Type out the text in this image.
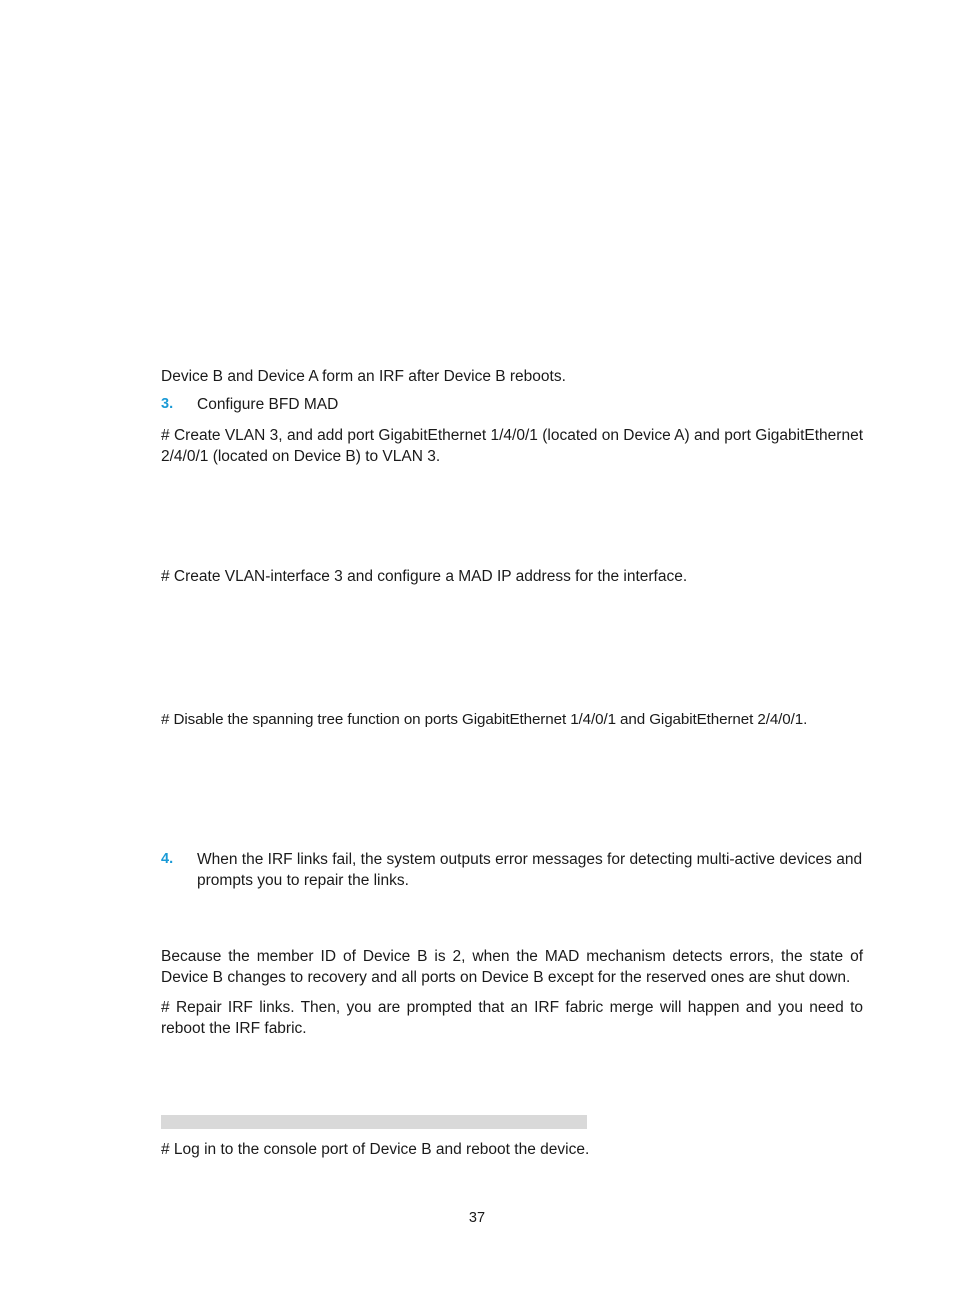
Device B and Device A form an IRF after Device B reboots.

3. Configure BFD MAD

# Create VLAN 3, and add port GigabitEthernet 1/4/0/1 (located on Device A) and port GigabitEthernet 2/4/0/1 (located on Device B) to VLAN 3.

# Create VLAN-interface 3 and configure a MAD IP address for the interface.

# Disable the spanning tree function on ports GigabitEthernet 1/4/0/1 and GigabitEthernet 2/4/0/1.

4. When the IRF links fail, the system outputs error messages for detecting multi-active devices and prompts you to repair the links.

Because the member ID of Device B is 2, when the MAD mechanism detects errors, the state of Device B changes to recovery and all ports on Device B except for the reserved ones are shut down.

# Repair IRF links. Then, you are prompted that an IRF fabric merge will happen and you need to reboot the IRF fabric.

# Log in to the console port of Device B and reboot the device.

37
